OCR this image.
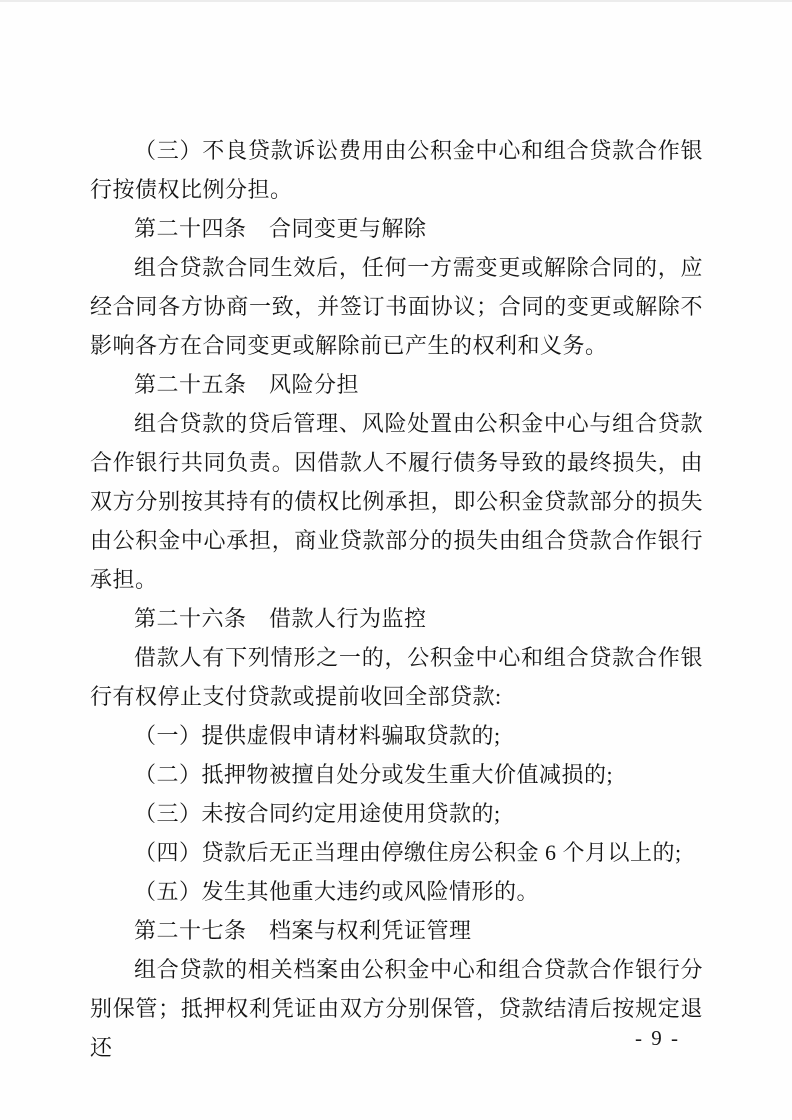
（三）不良贷款诉讼费用由公积金中心和组合贷款合作银行按债权比例分担。

第二十四条　合同变更与解除

组合贷款合同生效后，任何一方需变更或解除合同的，应经合同各方协商一致，并签订书面协议；合同的变更或解除不影响各方在合同变更或解除前已产生的权利和义务。

第二十五条　风险分担

组合贷款的贷后管理、风险处置由公积金中心与组合贷款合作银行共同负责。因借款人不履行债务导致的最终损失，由双方分别按其持有的债权比例承担，即公积金贷款部分的损失由公积金中心承担，商业贷款部分的损失由组合贷款合作银行承担。

第二十六条　借款人行为监控

借款人有下列情形之一的，公积金中心和组合贷款合作银行有权停止支付贷款或提前收回全部贷款:

（一）提供虚假申请材料骗取贷款的;

（二）抵押物被擅自处分或发生重大价值减损的;

（三）未按合同约定用途使用贷款的;

（四）贷款后无正当理由停缴住房公积金 6 个月以上的;

（五）发生其他重大违约或风险情形的。

第二十七条　档案与权利凭证管理

组合贷款的相关档案由公积金中心和组合贷款合作银行分别保管；抵押权利凭证由双方分别保管，贷款结清后按规定退还	- 9 -
